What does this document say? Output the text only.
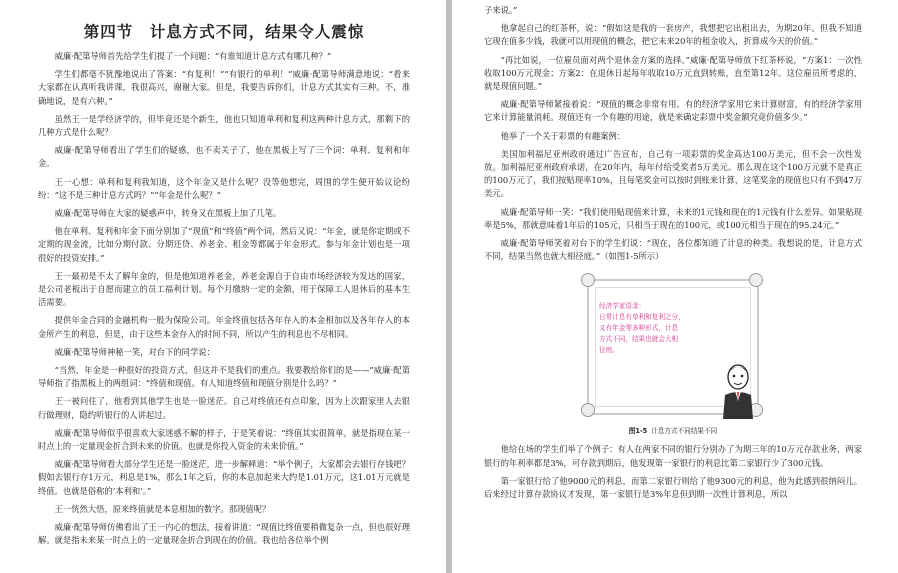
第四节　计息方式不同，结果令人震惊

威廉·配第导师首先给学生们提了一个问题：“有谁知道计息方式有哪几种？”

学生们都毫不犹豫地说出了答案：“有复利！”“有银行的单利！”威廉·配第导师满意地说：“看来大家都在认真听我讲课，我很高兴，谢谢大家。但是，我要告诉你们，计息方式其实有三种。不，准确地说，是有六种。”

虽然王一是学经济学的，但毕竟还是个新生，他也只知道单利和复利这两种计息方式，那剩下的几种方式是什么呢？

威廉·配第导师看出了学生们的疑惑，也不卖关子了，他在黑板上写了三个词：单利、复利和年金。

王一心想：单利和复利我知道，这个年金又是什么呢？没等他想完，周围的学生便开始议论纷纷：“这不是三种计息方式吗？”“年金是什么呢？”

威廉·配第导师在大家的疑惑声中，转身又在黑板上加了几笔。

他在单利、复利和年金下面分别加了“现值”和“终值”两个词，然后又说：“年金，就是你定期或不定期的现金流，比如分期付款、分期还贷、养老金、租金等都属于年金形式。参与年金计划也是一项很好的投资安排。”

王一最初是不太了解年金的，但是他知道养老金，养老金源自于自由市场经济较为发达的国家，是公司老板出于自愿而建立的员工福利计划。每个月缴纳一定的金额，用于保障工人退休后的基本生活需要。

提供年金合同的金融机构一般为保险公司。年金终值包括各年存入的本金相加以及各年存入的本金所产生的利息，但是，由于这些本金存入的时间不同，所以产生的利息也不尽相同。

威廉·配第导师神秘一笑，对台下的同学说：

“当然，年金是一种很好的投资方式，但这并不是我们的重点。我要教给你们的是——”威廉·配第导师指了指黑板上的两组词：“终值和现值。有人知道终值和现值分别是什么吗？”

王一被问住了，他看到其他学生也是一脸迷茫。自己对终值还有点印象，因为上次跟家里人去银行做理财，隐约听银行的人讲起过。

威廉·配第导师似乎很喜欢大家迷惑不解的样子，于是笑着说：“终值其实很简单，就是指现在某一时点上的一定量现金折合到未来的价值。也就是你投入资金的未来价值。”

威廉·配第导师看大部分学生还是一脸迷茫，进一步解释道：“举个例子，大家都会去银行存钱吧？假如去银行存1万元，利息是1%，那么1年之后，你的本息加起来大约是1.01万元，这1.01万元就是终值。也就是俗称的‘本利和’。”

王一恍然大悟，原来终值就是本息相加的数字。那现值呢？

威廉·配第导师仿佛看出了王一内心的想法，接着讲道：“现值比终值要稍微复杂一点，但也很好理解。就是指未来某一时点上的一定量现金折合到现在的价值。我也给各位举个例

子来说。”

他拿起自己的红茶杯，说：“假如这是我的一套房产，我想把它出租出去，为期20年。但我不知道它现在值多少钱，我就可以用现值的概念，把它未来20年的租金收入，折算成今天的价值。”

“再比如说，一位雇员面对两个退休金方案的选择。”威廉·配第导师放下红茶杯说，“方案1：一次性收取100万元现金；方案2：在退休日起每年收取10万元直到转账，直至第12年。这位雇员所考虑的，就是现值问题。”

威廉·配第导师紧接着说：“现值的概念非常有用。有的经济学家用它来计算财富，有的经济学家用它来计算能量消耗。现值还有一个有趣的用途，就是来确定彩票中奖金额究竟价值多少。”

他举了一个关于彩票的有趣案例：

美国加利福尼亚州政府通过广告宣布，自己有一项彩票的奖金高达100万美元，但不会一次性发放。加利福尼亚州政府承诺，在20年内，每年付给受奖者5万美元。那么现在这个100万元就不是真正的100万元了，我们按贴现率10%，且每笔奖金可以按时到账来计算，这笔奖金的现值也只有不到47万美元。

威廉·配第导师一笑：“我们使用贴现值来计算，未来的1元钱和现在的1元钱有什么差异。如果贴现率是5%，那就意味着1年后的105元，只相当于现在的100元，或100元相当于现在的95.24元。”

威廉·配第导师笑着对台下的学生们说：“现在，各位都知道了计息的种类。我想说的是，计息方式不同，结果当然也就大相径庭。”（如图1-5所示）

经济学家语录：
日常计息有单利和复利之分，
又有年金等多种形式，计息
方式不同，结果也就会大相
径庭。
图1-5 计息方式不同结果不同

他给在场的学生们举了个例子：有人在两家不同的银行分别办了为期三年的10万元存款业务，两家银行的年利率都是3%，可存款到期后，他发现第一家银行的利息比第二家银行少了300元钱。

第一家银行给了他9000元的利息，而第二家银行则给了他9300元的利息，他为此感到很纳闷儿。后来经过计算存款协议才发现，第一家银行是3%年息但到期一次性计算利息，所以
